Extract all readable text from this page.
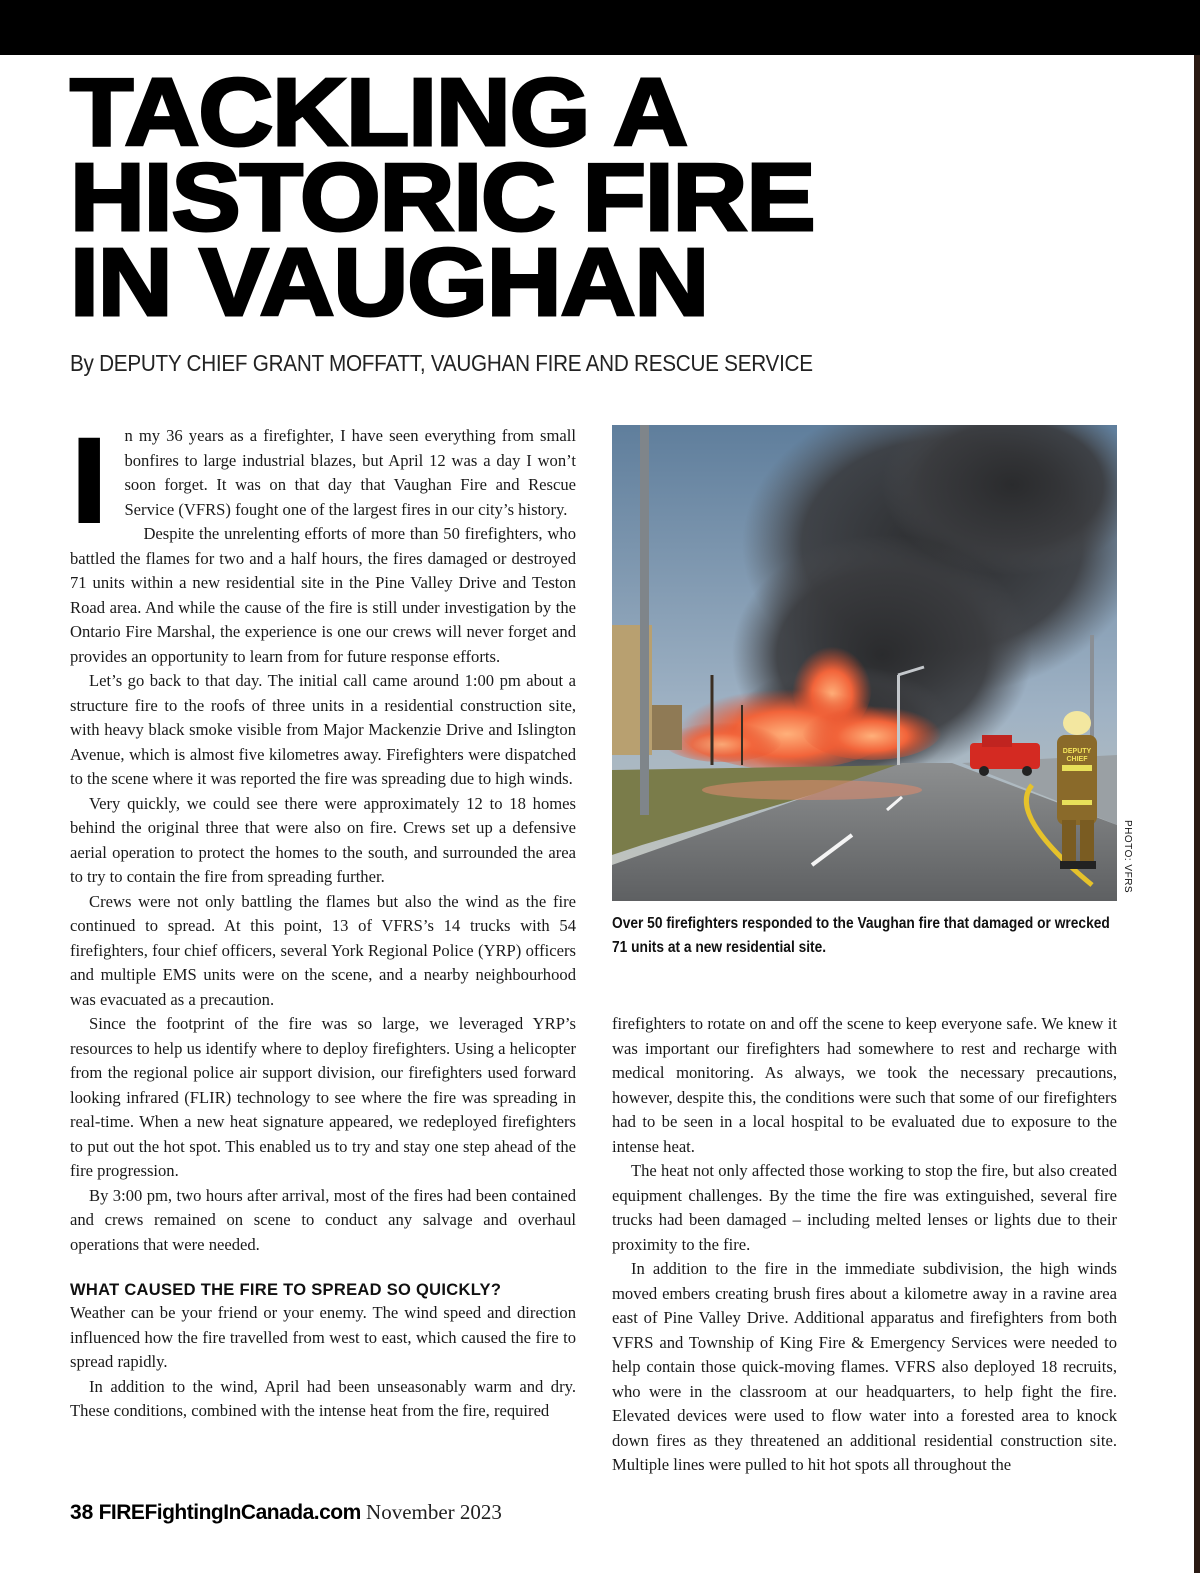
TACKLING A
HISTORIC FIRE
IN VAUGHAN
By DEPUTY CHIEF GRANT MOFFATT, VAUGHAN FIRE AND RESCUE SERVICE
I n my 36 years as a firefighter, I have seen everything from small bonfires to large industrial blazes, but April 12 was a day I won’t soon forget. It was on that day that Vaughan Fire and Rescue Service (VFRS) fought one of the largest fires in our city’s history.

Despite the unrelenting efforts of more than 50 firefighters, who battled the flames for two and a half hours, the fires damaged or destroyed 71 units within a new residential site in the Pine Valley Drive and Teston Road area. And while the cause of the fire is still under investigation by the Ontario Fire Marshal, the experience is one our crews will never forget and provides an opportunity to learn from for future response efforts.

Let’s go back to that day. The initial call came around 1:00 pm about a structure fire to the roofs of three units in a residential construction site, with heavy black smoke visible from Major Mackenzie Drive and Islington Avenue, which is almost five kilometres away. Firefighters were dispatched to the scene where it was reported the fire was spreading due to high winds.

Very quickly, we could see there were approximately 12 to 18 homes behind the original three that were also on fire. Crews set up a defensive aerial operation to protect the homes to the south, and surrounded the area to try to contain the fire from spreading further.

Crews were not only battling the flames but also the wind as the fire continued to spread. At this point, 13 of VFRS’s 14 trucks with 54 firefighters, four chief officers, several York Regional Police (YRP) officers and multiple EMS units were on the scene, and a nearby neighbourhood was evacuated as a precaution.

Since the footprint of the fire was so large, we leveraged YRP’s resources to help us identify where to deploy firefighters. Using a helicopter from the regional police air support division, our firefighters used forward looking infrared (FLIR) technology to see where the fire was spreading in real-time. When a new heat signature appeared, we redeployed firefighters to put out the hot spot. This enabled us to try and stay one step ahead of the fire progression.

By 3:00 pm, two hours after arrival, most of the fires had been contained and crews remained on scene to conduct any salvage and overhaul operations that were needed.

WHAT CAUSED THE FIRE TO SPREAD SO QUICKLY?

Weather can be your friend or your enemy. The wind speed and direction influenced how the fire travelled from west to east, which caused the fire to spread rapidly.

In addition to the wind, April had been unseasonably warm and dry. These conditions, combined with the intense heat from the fire, required

DEPUTY
CHIEF
PHOTO: VFRS
Over 50 firefighters responded to the Vaughan fire that damaged or wrecked 71 units at a new residential site.

firefighters to rotate on and off the scene to keep everyone safe. We knew it was important our firefighters had somewhere to rest and recharge with medical monitoring. As always, we took the necessary precautions, however, despite this, the conditions were such that some of our firefighters had to be seen in a local hospital to be evaluated due to exposure to the intense heat.

The heat not only affected those working to stop the fire, but also created equipment challenges. By the time the fire was extinguished, several fire trucks had been damaged – including melted lenses or lights due to their proximity to the fire.

In addition to the fire in the immediate subdivision, the high winds moved embers creating brush fires about a kilometre away in a ravine area east of Pine Valley Drive. Additional apparatus and firefighters from both VFRS and Township of King Fire & Emergency Services were needed to help contain those quick-moving flames. VFRS also deployed 18 recruits, who were in the classroom at our headquarters, to help fight the fire. Elevated devices were used to flow water into a forested area to knock down fires as they threatened an additional residential construction site. Multiple lines were pulled to hit hot spots all throughout the

38 FIREFightingInCanada.com November 2023
